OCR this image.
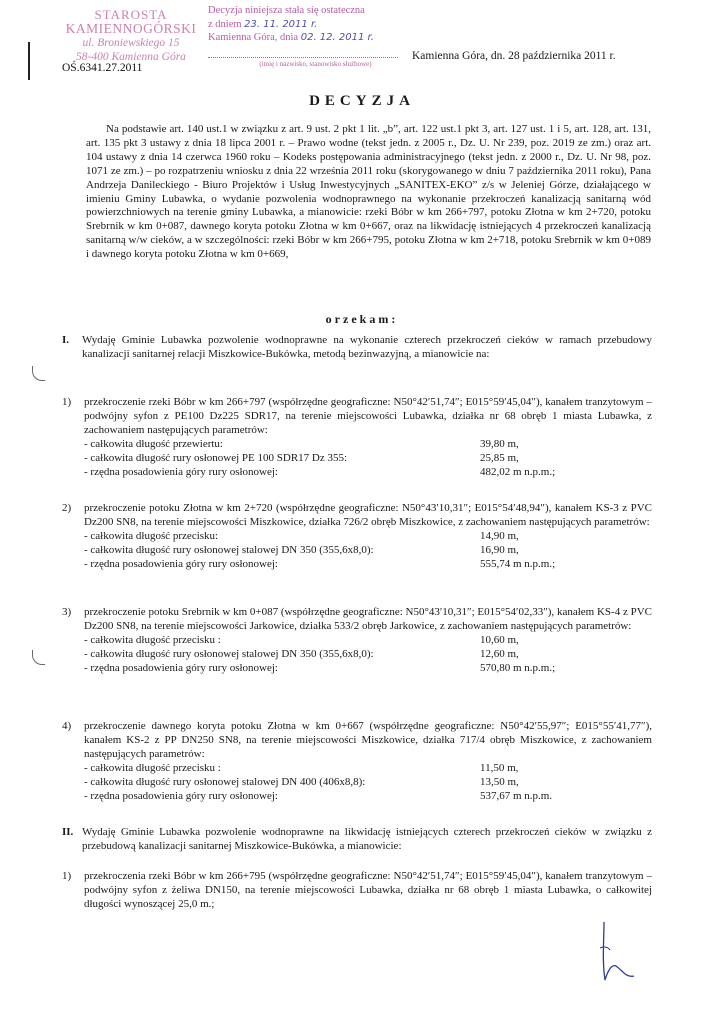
STAROSTA
KAMIENNOGÓRSKI
ul. Broniewskiego 15
58-400 Kamienna Góra
OŚ.6341.27.2011
Decyzja niniejsza stała się ostateczna
z dniem 23. 11. 2011 r.
Kamienna Góra, dnia 02. 12. 2011 r.
(imię i nazwisko, stanowisko służbowe)
Kamienna Góra, dn. 28 października 2011 r.
DECYZJA
Na podstawie art. 140 ust.1 w związku z art. 9 ust. 2 pkt 1 lit. „b”, art. 122 ust.1 pkt 3, art. 127 ust. 1 i 5, art. 128, art. 131, art. 135 pkt 3 ustawy z dnia 18 lipca 2001 r. – Prawo wodne (tekst jedn. z 2005 r., Dz. U. Nr 239, poz. 2019 ze zm.) oraz art. 104 ustawy z dnia 14 czerwca 1960 roku – Kodeks postępowania administracyjnego (tekst jedn. z 2000 r., Dz. U. Nr 98, poz. 1071 ze zm.) – po rozpatrzeniu wniosku z dnia 22 września 2011 roku (skorygowanego w dniu 7 października 2011 roku), Pana Andrzeja Danileckiego - Biuro Projektów i Usług Inwestycyjnych „SANITEX-EKO” z/s w Jeleniej Górze, działającego w imieniu Gminy Lubawka, o wydanie pozwolenia wodnoprawnego na wykonanie przekroczeń kanalizacją sanitarną wód powierzchniowych na terenie gminy Lubawka, a mianowicie: rzeki Bóbr w km 266+797, potoku Złotna w km 2+720, potoku Srebrnik w km 0+087, dawnego koryta potoku Złotna w km 0+667, oraz na likwidację istniejących 4 przekroczeń kanalizacją sanitarną w/w cieków, a w szczególności: rzeki Bóbr w km 266+795, potoku Złotna w km 2+718, potoku Srebrnik w km 0+089 i dawnego koryta potoku Złotna w km 0+669,
orzekam:
I.	Wydaję Gminie Lubawka pozwolenie wodnoprawne na wykonanie czterech przekroczeń cieków w ramach przebudowy kanalizacji sanitarnej relacji Miszkowice-Bukówka, metodą bezinwazyjną, a mianowicie na:
1) przekroczenie rzeki Bóbr w km 266+797 (współrzędne geograficzne: N50°42′51,74″; E015°59′45,04″), kanałem tranzytowym – podwójny syfon z PE100 Dz225 SDR17, na terenie miejscowości Lubawka, działka nr 68 obręb 1 miasta Lubawka, z zachowaniem następujących parametrów:
- całkowita długość przewiertu:	39,80 m,
- całkowita długość rury osłonowej PE 100 SDR17 Dz 355:	25,85 m,
- rzędna posadowienia góry rury osłonowej:	482,02 m n.p.m.;
2) przekroczenie potoku Złotna w km 2+720 (współrzędne geograficzne: N50°43′10,31″; E015°54′48,94″), kanałem KS-3 z PVC Dz200 SN8, na terenie miejscowości Miszkowice, działka 726/2 obręb Miszkowice, z zachowaniem następujących parametrów:
- całkowita długość przecisku:	14,90 m,
- całkowita długość rury osłonowej stalowej DN 350 (355,6x8,0):	16,90 m,
- rzędna posadowienia góry rury osłonowej:	555,74 m n.p.m.;
3) przekroczenie potoku Srebrnik w km 0+087 (współrzędne geograficzne: N50°43′10,31″; E015°54′02,33″), kanałem KS-4 z PVC Dz200 SN8, na terenie miejscowości Jarkowice, działka 533/2 obręb Jarkowice, z zachowaniem następujących parametrów:
- całkowita długość przecisku :	10,60 m,
- całkowita długość rury osłonowej stalowej DN 350 (355,6x8,0):	12,60 m,
- rzędna posadowienia góry rury osłonowej:	570,80 m n.p.m.;
4) przekroczenie dawnego koryta potoku Złotna w km 0+667 (współrzędne geograficzne: N50°42′55,97″; E015°55′41,77″), kanałem KS-2 z PP DN250 SN8, na terenie miejscowości Miszkowice, działka 717/4 obręb Miszkowice, z zachowaniem następujących parametrów:
- całkowita długość przecisku :	11,50 m,
- całkowita długość rury osłonowej stalowej DN 400 (406x8,8):	13,50 m,
- rzędna posadowienia góry rury osłonowej:	537,67 m n.p.m.
II. Wydaję Gminie Lubawka pozwolenie wodnoprawne na likwidację istniejących czterech przekroczeń cieków w związku z przebudową kanalizacji sanitarnej Miszkowice-Bukówka, a mianowicie:
1) przekroczenia rzeki Bóbr w km 266+795 (współrzędne geograficzne: N50°42′51,74″; E015°59′45,04″), kanałem tranzytowym – podwójny syfon z żeliwa DN150, na terenie miejscowości Lubawka, działka nr 68 obręb 1 miasta Lubawka, o całkowitej długości wynoszącej 25,0 m.;
